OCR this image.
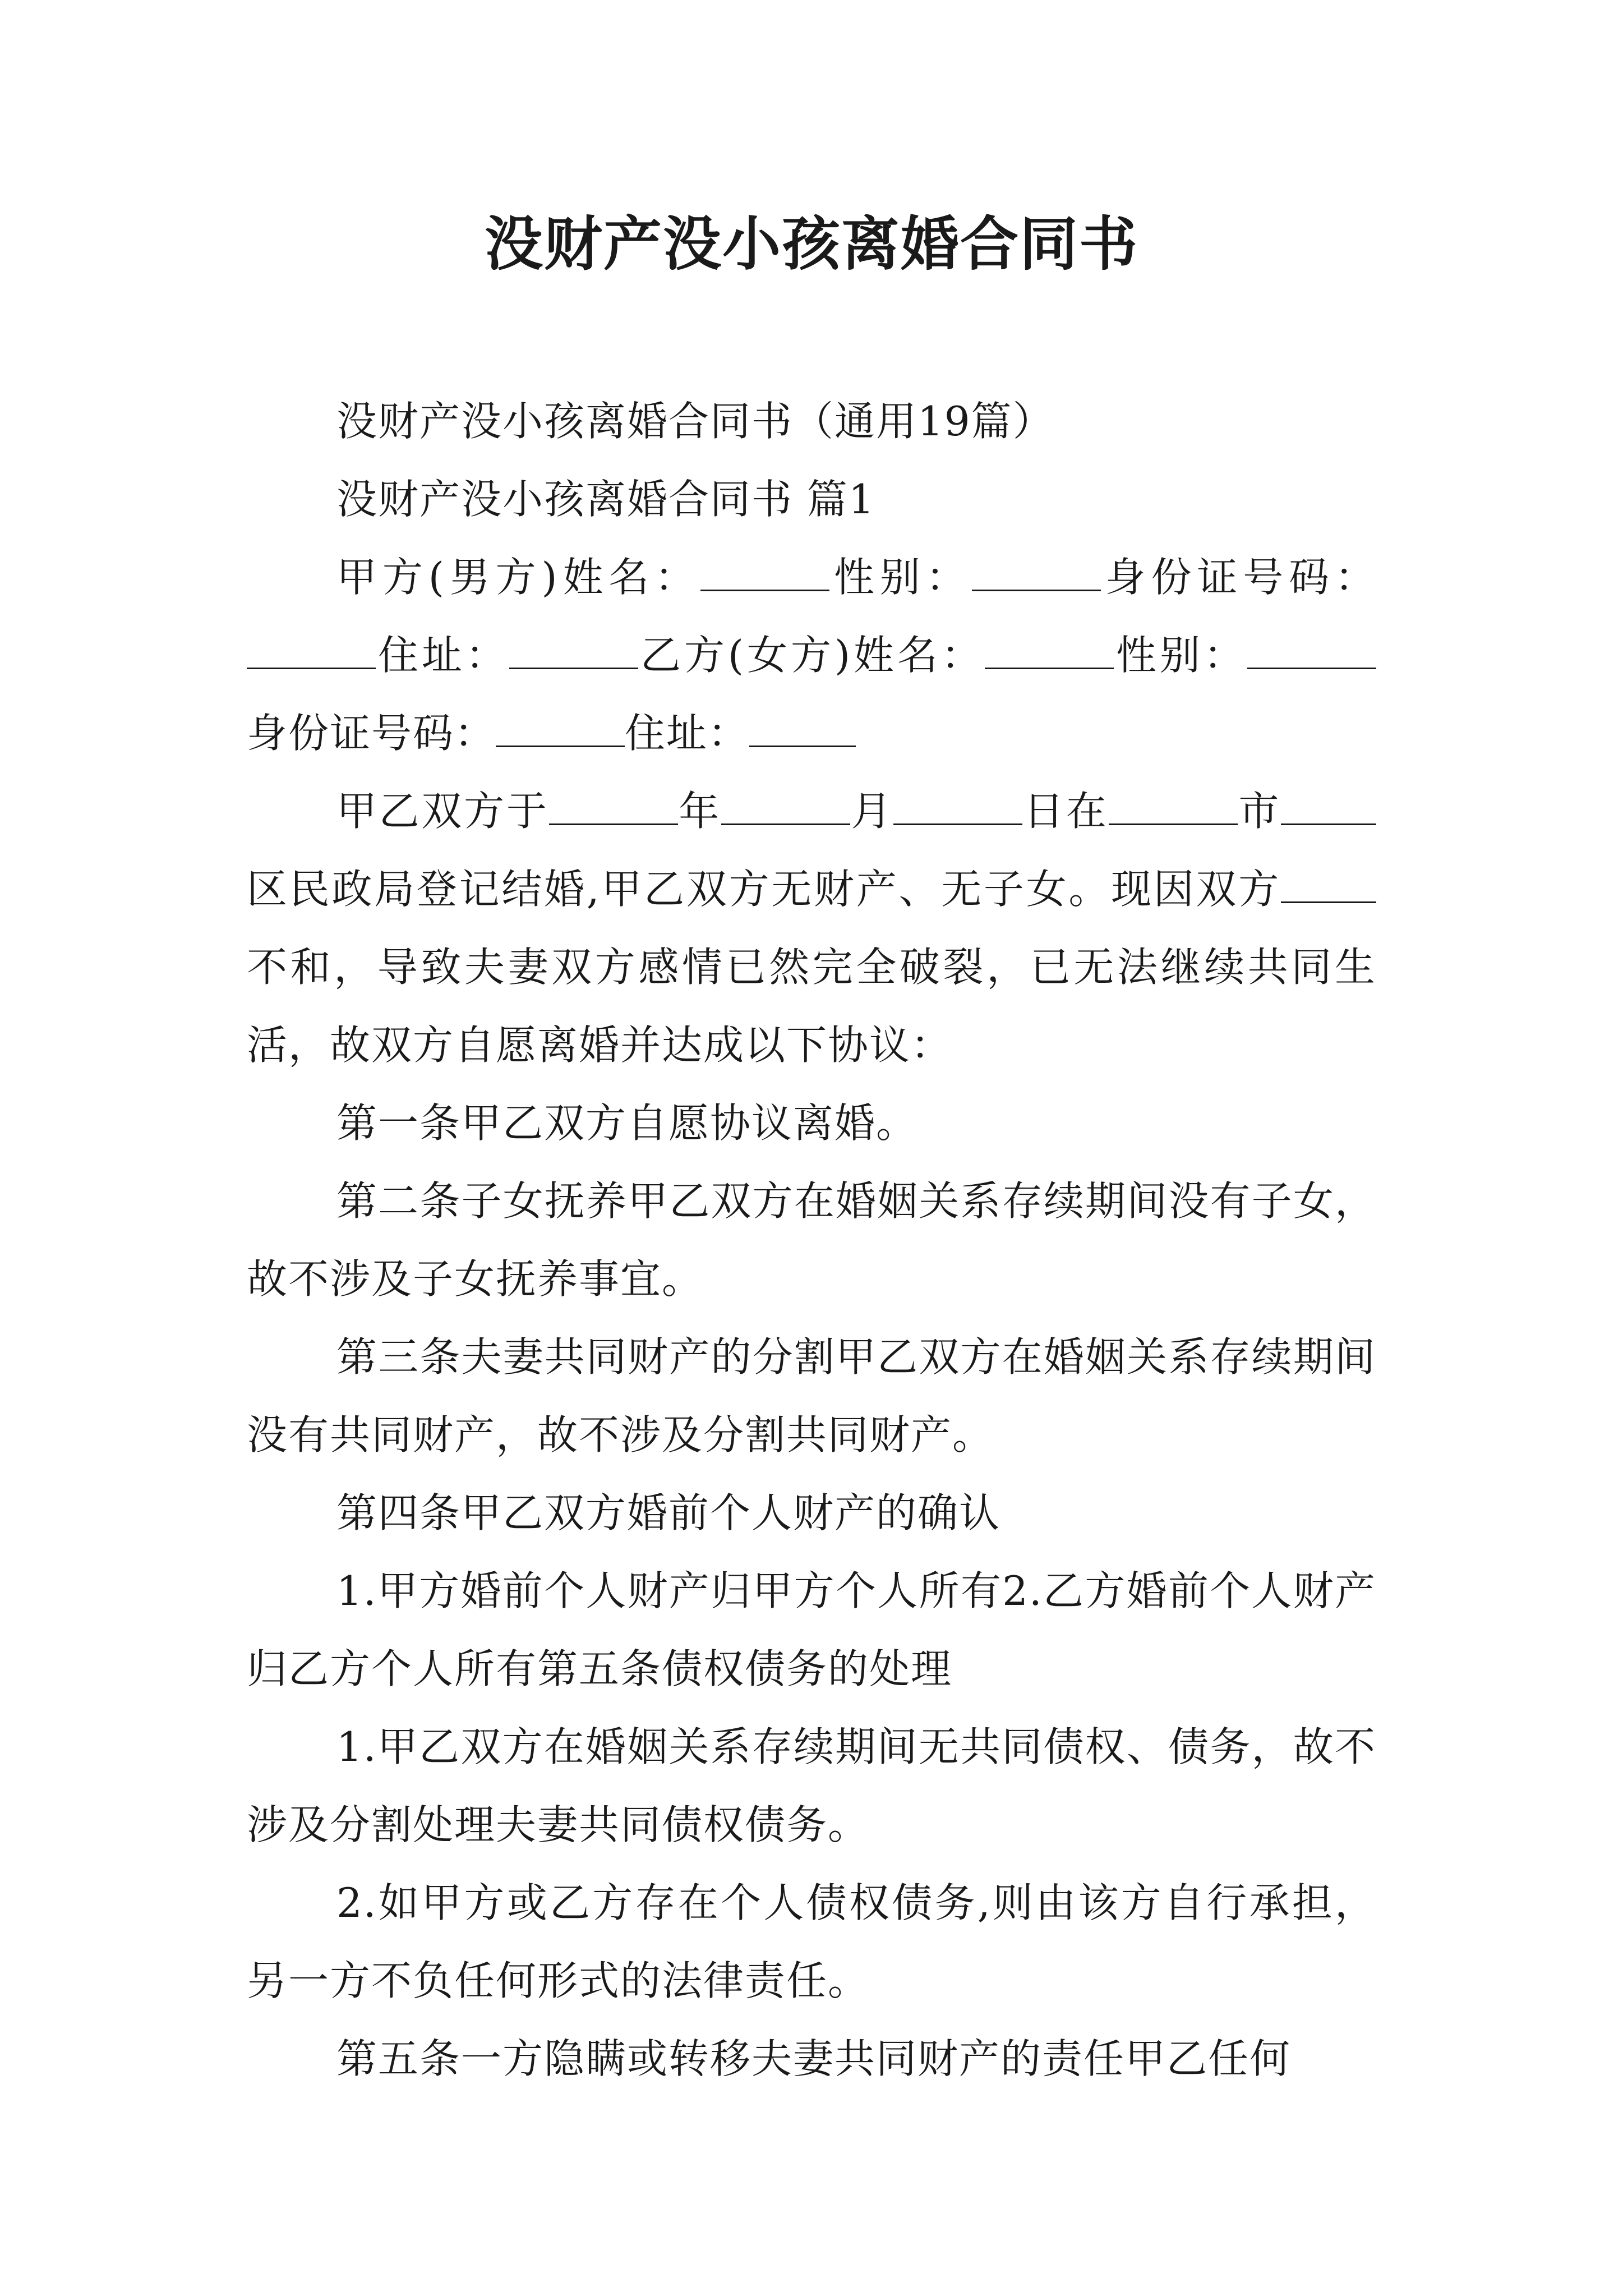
没财产没小孩离婚合同书

没财产没小孩离婚合同书（通用19篇）

没财产没小孩离婚合同书 篇1

甲方(男方)姓名：	性别：	身份证号码：住址：	乙方(女方)姓名：	性别：身份证号码：	住址：

甲乙双方于	年	月	日在	市区民政局登记结婚,甲乙双方无财产、无子女。现因双方不和，导致夫妻双方感情已然完全破裂，已无法继续共同生活，故双方自愿离婚并达成以下协议：

第一条甲乙双方自愿协议离婚。

第二条子女抚养甲乙双方在婚姻关系存续期间没有子女，故不涉及子女抚养事宜。

第三条夫妻共同财产的分割甲乙双方在婚姻关系存续期间没有共同财产，故不涉及分割共同财产。

第四条甲乙双方婚前个人财产的确认

1.甲方婚前个人财产归甲方个人所有2.乙方婚前个人财产归乙方个人所有第五条债权债务的处理

1.甲乙双方在婚姻关系存续期间无共同债权、债务，故不涉及分割处理夫妻共同债权债务。

2.如甲方或乙方存在个人债权债务,则由该方自行承担，另一方不负任何形式的法律责任。

第五条一方隐瞒或转移夫妻共同财产的责任甲乙任何
